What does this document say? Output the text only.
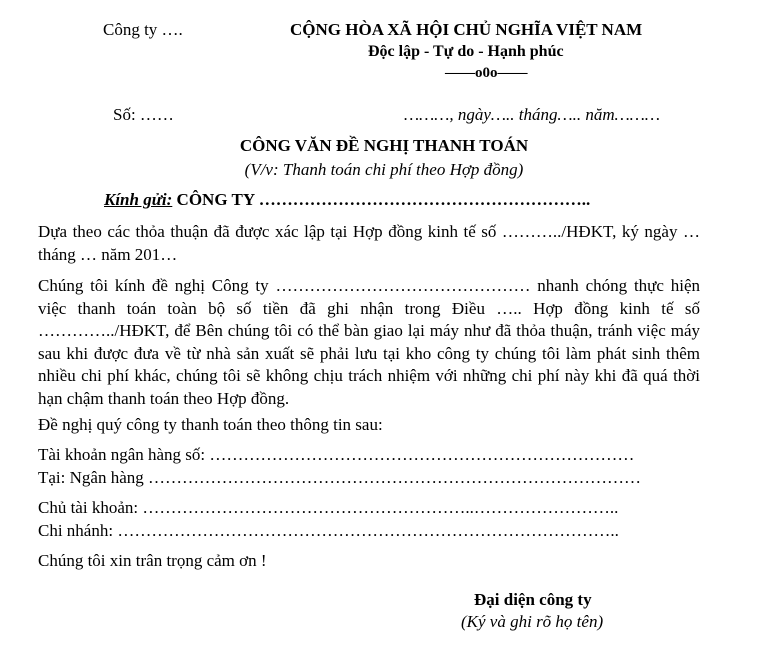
Công ty ….	CỘNG HÒA XÃ HỘI CHỦ NGHĨA VIỆT NAM
Độc lập - Tự do - Hạnh phúc
——o0o——
Số: ……	………, ngày….. tháng….. năm………
CÔNG VĂN ĐỀ NGHỊ THANH TOÁN
(V/v: Thanh toán chi phí theo Hợp đồng)
Kính gửi: CÔNG TY …………………………………………………..
Dựa theo các thỏa thuận đã được xác lập tại Hợp đồng kinh tế số ………../HĐKT, ký ngày … tháng … năm 201…
Chúng tôi kính đề nghị Công ty ……………………………………… nhanh chóng thực hiện việc thanh toán toàn bộ số tiền đã ghi nhận trong Điều ….. Hợp đồng kinh tế số …………../HĐKT, để Bên chúng tôi có thể bàn giao lại máy như đã thỏa thuận, tránh việc máy sau khi được đưa về từ nhà sản xuất sẽ phải lưu tại kho công ty chúng tôi làm phát sinh thêm nhiều chi phí khác, chúng tôi sẽ không chịu trách nhiệm với những chi phí này khi đã quá thời hạn chậm thanh toán theo Hợp đồng.
Đề nghị quý công ty thanh toán theo thông tin sau:
Tài khoản ngân hàng số: …………………………………………………………………
Tại: Ngân hàng ……………………………………………………………………………
Chủ tài khoản: …………………………………………………..……………………..
Chi nhánh: ……………………………………………………………………………..
Chúng tôi xin trân trọng cảm ơn !
Đại diện công ty
(Ký và ghi rõ họ tên)
